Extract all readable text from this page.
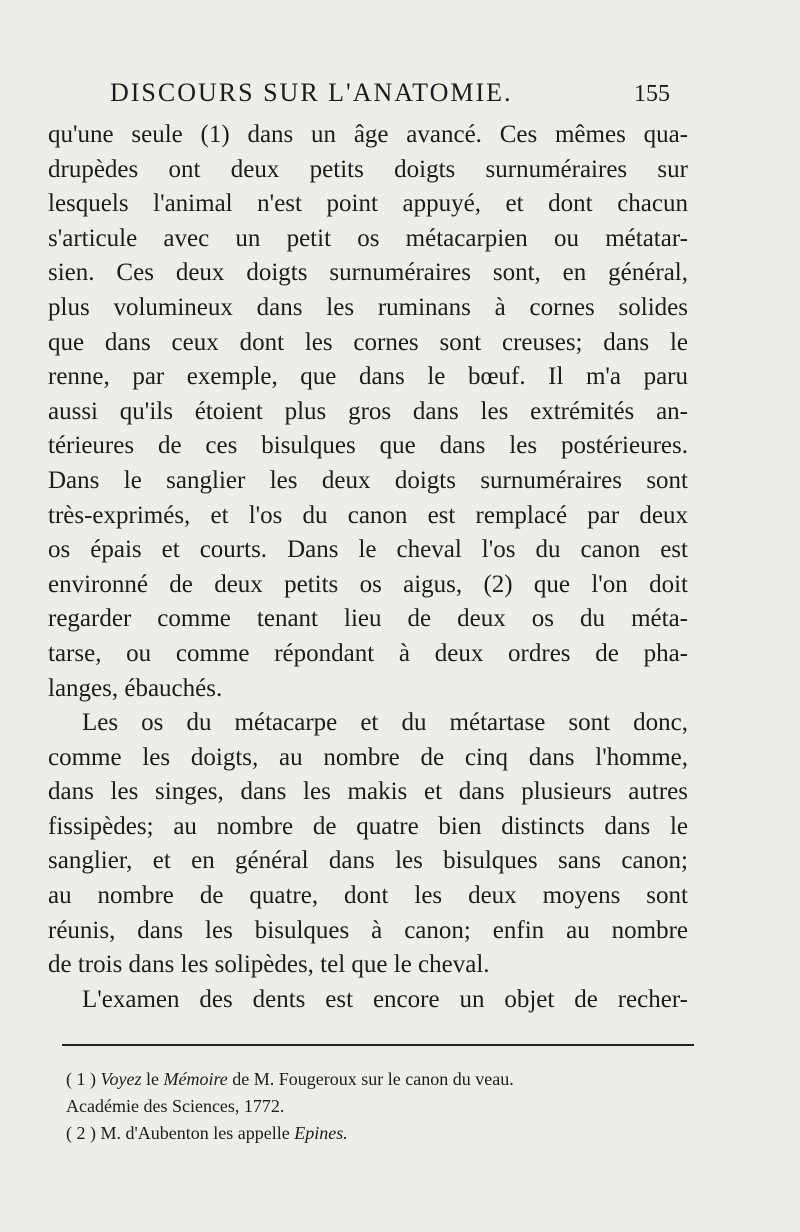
DISCOURS SUR L'ANATOMIE.	155
qu'une seule (1) dans un âge avancé. Ces mêmes qua-
drupèdes ont deux petits doigts surnuméraires sur
lesquels l'animal n'est point appuyé, et dont chacun
s'articule avec un petit os métacarpien ou métatar-
sien. Ces deux doigts surnuméraires sont, en général,
plus volumineux dans les ruminans à cornes solides
que dans ceux dont les cornes sont creuses; dans le
renne, par exemple, que dans le bœuf. Il m'a paru
aussi qu'ils étoient plus gros dans les extrémités an-
térieures de ces bisulques que dans les postérieures.
Dans le sanglier les deux doigts surnuméraires sont
très-exprimés, et l'os du canon est remplacé par deux
os épais et courts. Dans le cheval l'os du canon est
environné de deux petits os aigus, (2) que l'on doit
regarder comme tenant lieu de deux os du méta-
tarse, ou comme répondant à deux ordres de pha-
langes, ébauchés.
Les os du métacarpe et du métartase sont donc,
comme les doigts, au nombre de cinq dans l'homme,
dans les singes, dans les makis et dans plusieurs autres
fissipèdes; au nombre de quatre bien distincts dans le
sanglier, et en général dans les bisulques sans canon;
au nombre de quatre, dont les deux moyens sont
réunis, dans les bisulques à canon; enfin au nombre
de trois dans les solipèdes, tel que le cheval.
L'examen des dents est encore un objet de recher-
( 1 ) Voyez le Mémoire de M. Fougeroux sur le canon du veau.
Académie des Sciences, 1772.
( 2 ) M. d'Aubenton les appelle Epines.
